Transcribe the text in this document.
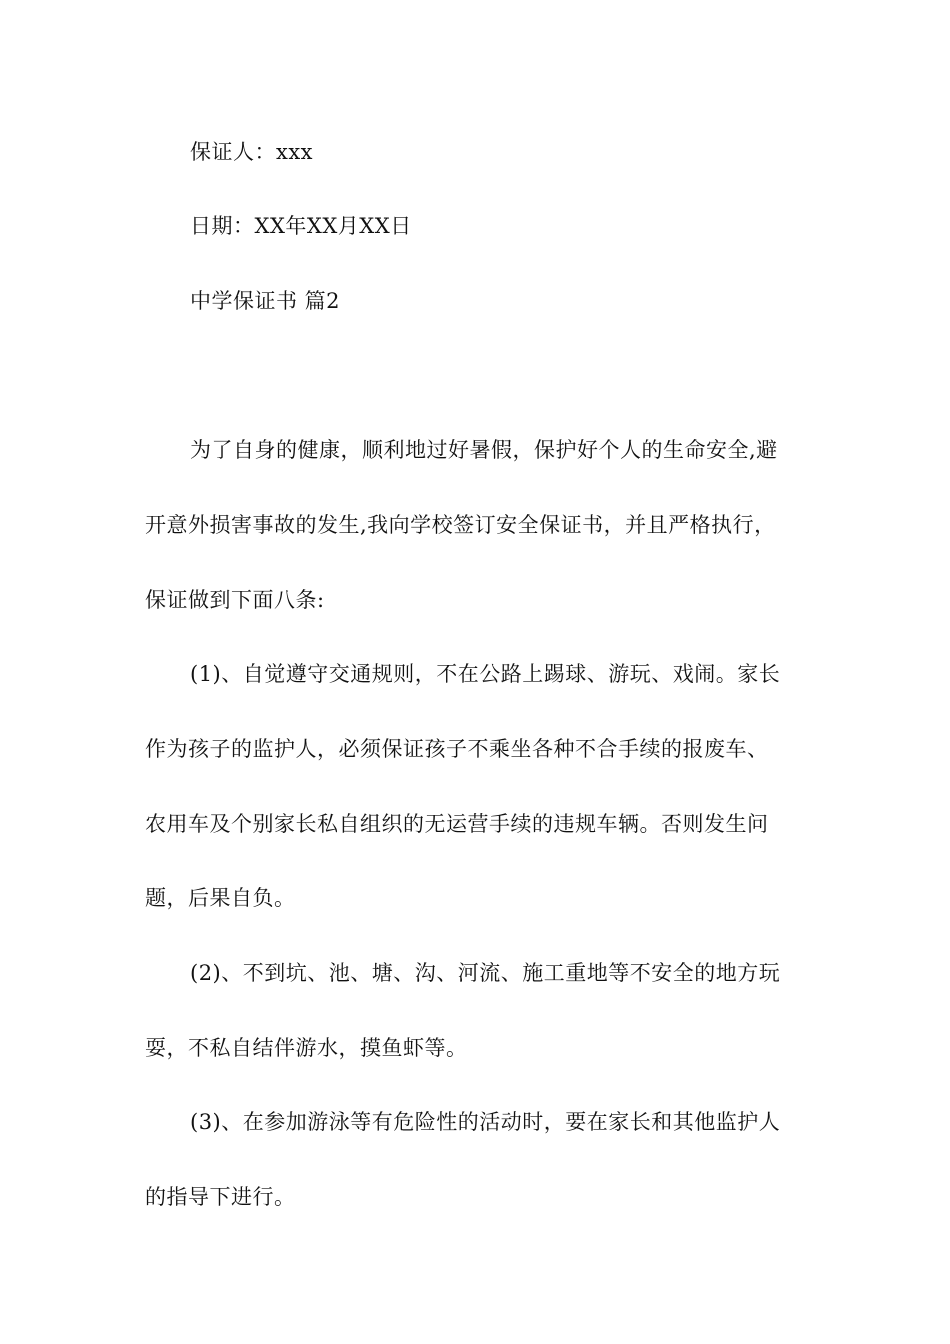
保证人：xxx
日期：XX年XX月XX日
中学保证书 篇2
为了自身的健康，顺利地过好暑假，保护好个人的生命安全,避
开意外损害事故的发生,我向学校签订安全保证书，并且严格执行，
保证做到下面八条:
(1)、自觉遵守交通规则，不在公路上踢球、游玩、戏闹。家长
作为孩子的监护人，必须保证孩子不乘坐各种不合手续的报废车、
农用车及个别家长私自组织的无运营手续的违规车辆。否则发生问
题，后果自负。
(2)、不到坑、池、塘、沟、河流、施工重地等不安全的地方玩
耍，不私自结伴游水，摸鱼虾等。
(3)、在参加游泳等有危险性的活动时，要在家长和其他监护人
的指导下进行。
